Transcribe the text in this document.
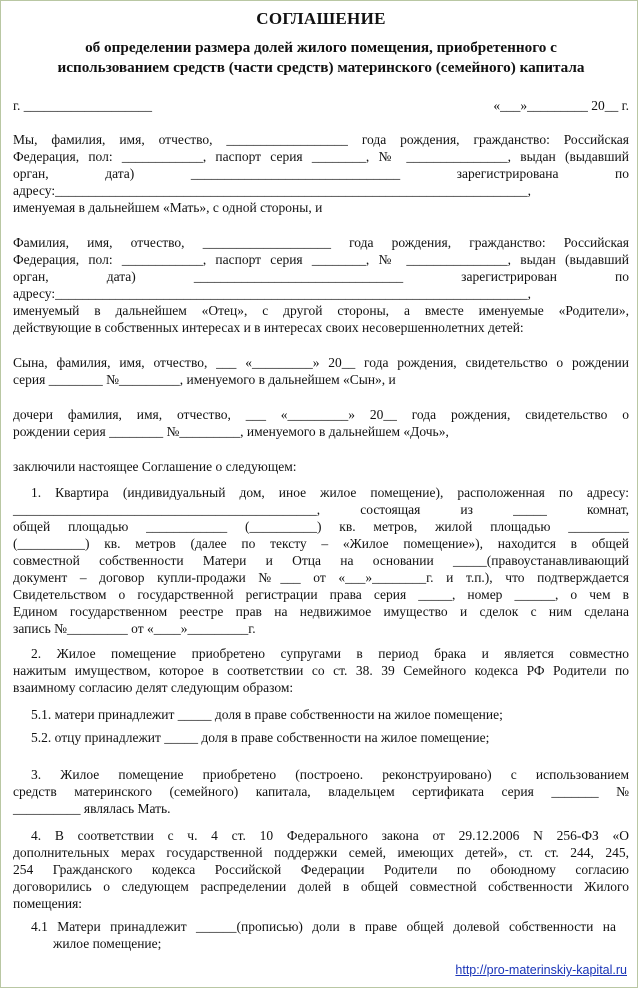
СОГЛАШЕНИЕ
об определении размера долей жилого помещения, приобретенного с
использованием средств (части средств) материнского (семейного) капитала
г. ___________________	«___»_________ 20__ г.
Мы, фамилия, имя, отчество, __________________ года рождения, гражданство: Российская
Федерация, пол: ____________, паспорт серия ________, № _______________, выдан (выдавший
орган, дата) _______________________________ зарегистрирована по
адресу:______________________________________________________________________,
именуемая в дальнейшем «Мать», с одной стороны, и
Фамилия, имя, отчество, ___________________ года рождения, гражданство: Российская
Федерация, пол: ____________, паспорт серия ________, № _______________, выдан (выдавший
орган, дата) _______________________________ зарегистрирован по
адресу:______________________________________________________________________,
именуемый в дальнейшем «Отец», с другой стороны, а вместе именуемые «Родители»,
действующие в собственных интересах и в интересах своих несовершеннолетних детей:
Сына, фамилия, имя, отчество, ___ «_________» 20__ года рождения, свидетельство о рождении
серия ________ №_________, именуемого в дальнейшем «Сын», и
дочери фамилия, имя, отчество, ___ «_________» 20__ года рождения, свидетельство о
рождении серия ________ №_________, именуемого в дальнейшем «Дочь»,
заключили настоящее Соглашение о следующем:
1. Квартира (индивидуальный дом, иное жилое помещение), расположенная по адресу:
_____________________________________________, состоящая из _____ комнат,
общей площадью ____________ (__________) кв. метров, жилой площадью _________
(__________) кв. метров (далее по тексту – «Жилое помещение»), находится в общей
совместной собственности Матери и Отца на основании _____(правоустанавливающий
документ – договор купли-продажи №___ от «___»________г. и т.п.), что подтверждается
Свидетельством о государственной регистрации права серия _____, номер ______, о чем в
Едином государственном реестре прав на недвижимое имущество и сделок с ним сделана
запись №_________ от «____»_________г.
2. Жилое помещение приобретено супругами в период брака и является совместно
нажитым имуществом, которое в соответствии со ст. 38. 39 Семейного кодекса РФ Родители по
взаимному согласию делят следующим образом:
5.1. матери принадлежит _____ доля в праве собственности на жилое помещение;
5.2. отцу принадлежит _____ доля в праве собственности на жилое помещение;
3. Жилое помещение приобретено (построено. реконструировано) с использованием
средств материнского (семейного) капитала, владельцем сертификата серия _______ №
__________ являлась Мать.
4. В соответствии с ч. 4 ст. 10 Федерального закона от 29.12.2006 N 256-ФЗ «О
дополнительных мерах государственной поддержки семей, имеющих детей», ст. ст. 244, 245,
254 Гражданского кодекса Российской Федерации Родители по обоюдному согласию
договорились о следующем распределении долей в общей совместной собственности Жилого
помещения:
4.1 Матери принадлежит ______(прописью) доли в праве общей долевой собственности на
жилое помещение;
http://pro-materinskiy-kapital.ru
